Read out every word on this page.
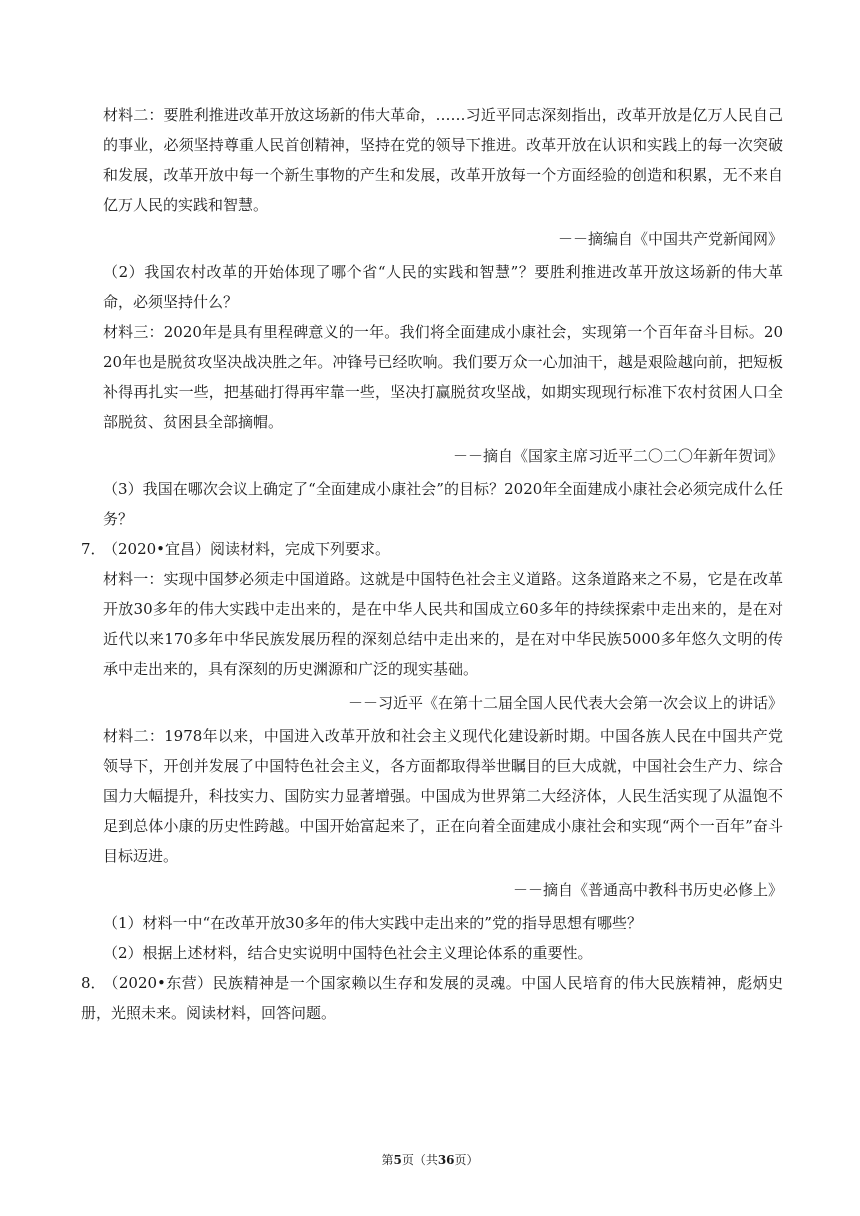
材料二：要胜利推进改革开放这场新的伟大革命，……习近平同志深刻指出，改革开放是亿万人民自己的事业，必须坚持尊重人民首创精神，坚持在党的领导下推进。改革开放在认识和实践上的每一次突破和发展，改革开放中每一个新生事物的产生和发展，改革开放每一个方面经验的创造和积累，无不来自亿万人民的实践和智慧。

－－摘编自《中国共产党新闻网》

（2）我国农村改革的开始体现了哪个省“人民的实践和智慧”？要胜利推进改革开放这场新的伟大革命，必须坚持什么？

材料三：2020年是具有里程碑意义的一年。我们将全面建成小康社会，实现第一个百年奋斗目标。2020年也是脱贫攻坚决战决胜之年。冲锋号已经吹响。我们要万众一心加油干，越是艰险越向前，把短板补得再扎实一些，把基础打得再牢靠一些，坚决打赢脱贫攻坚战，如期实现现行标准下农村贫困人口全部脱贫、贫困县全部摘帽。

－－摘自《国家主席习近平二〇二〇年新年贺词》

（3）我国在哪次会议上确定了“全面建成小康社会”的目标？2020年全面建成小康社会必须完成什么任务？

7．（2020•宜昌）阅读材料，完成下列要求。

材料一：实现中国梦必须走中国道路。这就是中国特色社会主义道路。这条道路来之不易，它是在改革开放30多年的伟大实践中走出来的，是在中华人民共和国成立60多年的持续探索中走出来的，是在对近代以来170多年中华民族发展历程的深刻总结中走出来的，是在对中华民族5000多年悠久文明的传承中走出来的，具有深刻的历史渊源和广泛的现实基础。

－－习近平《在第十二届全国人民代表大会第一次会议上的讲话》

材料二：1978年以来，中国进入改革开放和社会主义现代化建设新时期。中国各族人民在中国共产党领导下，开创并发展了中国特色社会主义，各方面都取得举世瞩目的巨大成就，中国社会生产力、综合国力大幅提升，科技实力、国防实力显著增强。中国成为世界第二大经济体，人民生活实现了从温饱不足到总体小康的历史性跨越。中国开始富起来了，正在向着全面建成小康社会和实现“两个一百年”奋斗目标迈进。

－－摘自《普通高中教科书历史必修上》

（1）材料一中“在改革开放30多年的伟大实践中走出来的”党的指导思想有哪些？

（2）根据上述材料，结合史实说明中国特色社会主义理论体系的重要性。

8．（2020•东营）民族精神是一个国家赖以生存和发展的灵魂。中国人民培育的伟大民族精神，彪炳史册，光照未来。阅读材料，回答问题。

第5页（共36页）
